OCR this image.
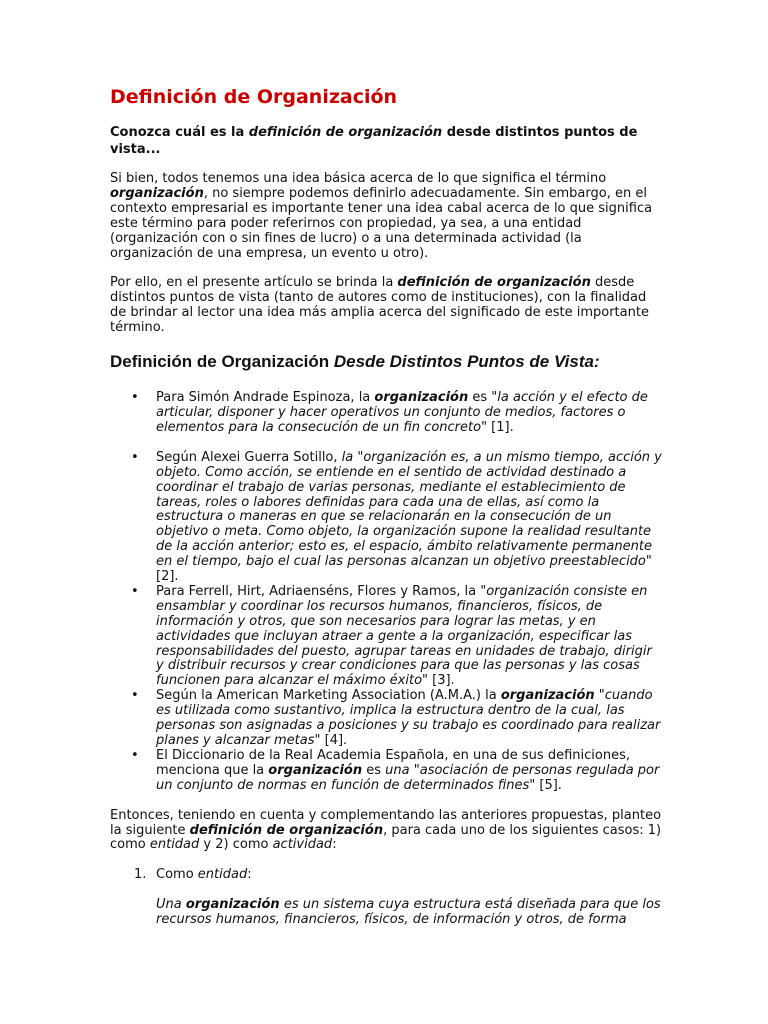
Definición de Organización
Conozca cuál es la definición de organización desde distintos puntos de vista...

Si bien, todos tenemos una idea básica acerca de lo que significa el término organización, no siempre podemos definirlo adecuadamente. Sin embargo, en el contexto empresarial es importante tener una idea cabal acerca de lo que significa este término para poder referirnos con propiedad, ya sea, a una entidad (organización con o sin fines de lucro) o a una determinada actividad (la organización de una empresa, un evento u otro).

Por ello, en el presente artículo se brinda la definición de organización desde distintos puntos de vista (tanto de autores como de instituciones), con la finalidad de brindar al lector una idea más amplia acerca del significado de este importante término.

Definición de Organización Desde Distintos Puntos de Vista:
• Para Simón Andrade Espinoza, la organización es "la acción y el efecto de articular, disponer y hacer operativos un conjunto de medios, factores o elementos para la consecución de un fin concreto" [1].
• Según Alexei Guerra Sotillo, la "organización es, a un mismo tiempo, acción y objeto. Como acción, se entiende en el sentido de actividad destinado a coordinar el trabajo de varias personas, mediante el establecimiento de tareas, roles o labores definidas para cada una de ellas, así como la estructura o maneras en que se relacionarán en la consecución de un objetivo o meta. Como objeto, la organización supone la realidad resultante de la acción anterior; esto es, el espacio, ámbito relativamente permanente en el tiempo, bajo el cual las personas alcanzan un objetivo preestablecido" [2].
• Para Ferrell, Hirt, Adriaenséns, Flores y Ramos, la "organización consiste en ensamblar y coordinar los recursos humanos, financieros, físicos, de información y otros, que son necesarios para lograr las metas, y en actividades que incluyan atraer a gente a la organización, especificar las responsabilidades del puesto, agrupar tareas en unidades de trabajo, dirigir y distribuir recursos y crear condiciones para que las personas y las cosas funcionen para alcanzar el máximo éxito" [3].
• Según la American Marketing Association (A.M.A.) la organización "cuando es utilizada como sustantivo, implica la estructura dentro de la cual, las personas son asignadas a posiciones y su trabajo es coordinado para realizar planes y alcanzar metas" [4].
• El Diccionario de la Real Academia Española, en una de sus definiciones, menciona que la organización es una "asociación de personas regulada por un conjunto de normas en función de determinados fines" [5].

Entonces, teniendo en cuenta y complementando las anteriores propuestas, planteo la siguiente definición de organización, para cada uno de los siguientes casos: 1) como entidad y 2) como actividad:

1. Como entidad:

Una organización es un sistema cuya estructura está diseñada para que los recursos humanos, financieros, físicos, de información y otros, de forma
